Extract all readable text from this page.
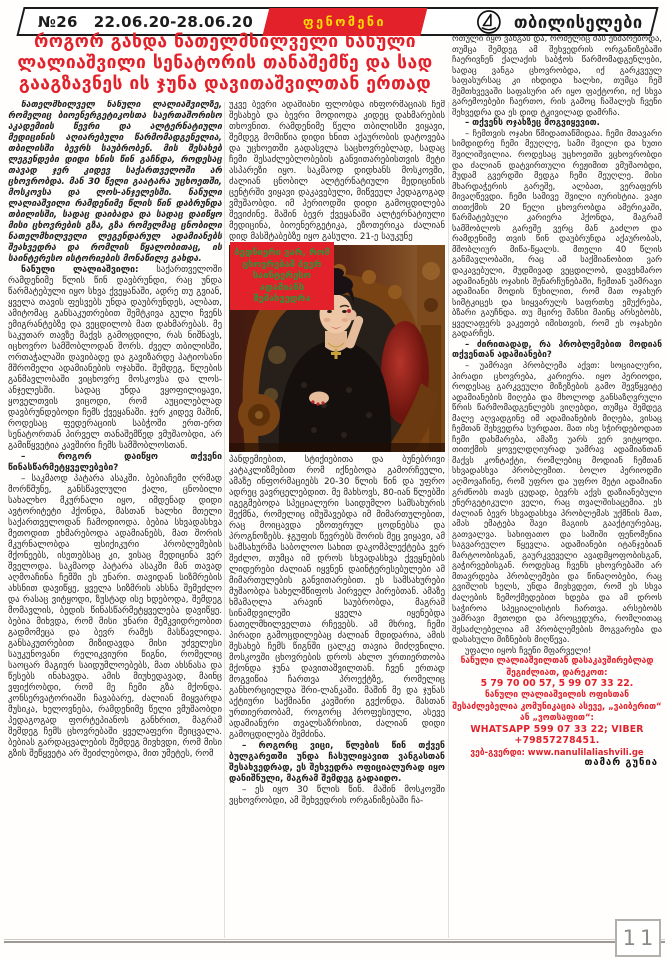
№26 22.06.20-28.06.20	ფენომენი	თბილისელები
როგორ გახდა ნათელმხილველი ნანული
ლალიაშვილი სენატორის თანაშემწე და სად
გააგზავნეს ის ჯუნა დავითაშვილთან ერთად

ნათელმხილველ ნანული ლალიაშვილზე, რომელიც ბიოენერგეტიკოსთა საერთაშორისო აკადემიის წევრი და ალტერნატიული მედიცინის აღიარებული წარმომადგენელია, თბილისში ბევრს საუბრობენ. მის შესახებ ლეგენდები დიდი ხნის წინ გაჩნდა, როდესაც თავად ჯერ კიდევ საქართველოში არ ცხოვრობდა. მან 30 წელი გაატარა უცხოეთში, მოსკოვსა და ლოს-ანჯელესში. ნანული ლალიაშვილი რამდენიმე წლის წინ დაბრუნდა თბილისში, სადაც დაიბადა და სადაც დაიწყო მისი ცხოვრების გზა, გზა რომელმაც ცნობილი ნათელმხილველი ლეგენდარულ ადამიანებს შეახვედრა და რომლის წყალობითაც, ის საინტერესო ისტორიების მონაწილე გახდა.

ნანული ლალიაშვილი: საქართველოში რამდენიმე წლის წინ დავბრუნდი, რაც უნდა წარმატებული იყო სხვა ქვეყანაში, ადრე თუ გვიან, ყველა თავის ფესვებს უნდა დაუბრუნდეს, ალბათ, ამიტომაც განსაკუთრებით შემტკივა გული ჩვენს ემიგრანტებზე და ვეცდილობ მათ დახმარებას. მე საკუთარ თავზე მაქვს გამოცდილი, რას ნიშნავს, იცხოვრო სამშობლოდან შორს. ძველ თბილისში, ორთაჭალაში დავიბადე და გავიზარდე პატიოსანი მშრომელი ადამიანების ოჯახში. შემდეგ, წლების განმავლობაში ვიცხოვრე მოსკოვსა და ლოს-ანჯელესში. სადაც უნდა ვყოფილიყავი, ყოველთვის ვიცოდი, რომ აუცილებლად დავბრუნდებოდი ჩემს ქვეყანაში. ჯერ კიდევ მაშინ, როდესაც ფედერაციის საბჭოში ერთ-ერთ სენატორთან პირველ თანაშემწედ ვმუშაობდი, არ გამიწყვეტია კავშირი ჩემს სამშობლოსთან.

– როგორ დაიწყო თქვენი წინასწარმეტყველებები?

– საკმაოდ პატარა ასაკში. ბებიაჩემი ღრმად მორწმუნე, განსწავლული ქალი, ცნობილი სახალხო მკურნალი იყო, იმდენად დიდი ავტორიტეტი ჰქონდა, მასთან ხალხი მთელი საქართველოდან ჩამოდიოდა. ბებია სხვადასხვა მეთოდით ეხმარებოდა ადამიანებს, მათ შორის მკურნალობდა ფსიქიკური პრობლემების მქონეებს, ისეთებსაც კი, ვისაც მედიცინა ვერ შველოდა. საკმაოდ პატარა ასაკში მან თავად აღმოაჩინა ჩემში ეს უნარი. თავიდან სიზმრების ახსნით დავიწყე, ყველა სიზმრის ახსნა შემეძლო და რასაც ვიტყოდი, ზუსტად ისე ხდებოდა, შემდეგ მომავლის, ბედის წინასწარმეტყველება დავიწყე. ბებია მიხვდა, რომ მისი უნარი მემკვიდრეობით გადმომეცა და ბევრ რამეს მასწავლიდა. განსაკუთრებით მიზიდავდა მისი უძველესი საუკუნოვანი რელიკვიური წიგნი, რომელიც საოცარ მაგიურ საიდუმლოებებს, მათ ახსნასა და წესებს ინახავდა. ამის მიუხედავად, მაინც ვფიქრობდი, რომ მე ჩემი გზა მქონდა. კონსერვატორიაში ჩავაბარე, ძალიან მიყვარდა მუსიკა, ხელოვნება, რამდენიმე წელი ვმუშაობდი პედაგოგად ფორტეპიანოს განხრით, მაგრამ შემდეგ ჩემს ცხოვრებაში ყველაფერი შეიცვალა. ბებიას გარდაცვალების შემდეგ მივხვდი, რომ მისი გზის შეწყვეტა არ შეიძლებოდა, მით უმეტეს, რომ

უკვე ბევრი ადამიანი ფლობდა ინფორმაციას ჩემ შესახებ და ბევრი მოდიოდა კიდეც დახმარების თხოვნით. რამდენიმე წელი თბილისში ვიყავი, შემდეგ მომიწია დიდი ხნით აქაურობის დატოვება და უცხოეთში გადასვლა საცხოვრებლად, სადაც ჩემი შესაძლებლობების განვითარებისთვის მეტი ასპარეზი იყო. საკმაოდ დიდხანს მოსკოვში, ძალიან ცნობილ ალტერნატიული მედიცინის ცენტრში ვიყავი დაკავებული, მიწვეულ პედაგოგად ვმუშაობდი. იმ პერიოდში დიდი გამოცდილება შევიძინე. მაშინ ბევრ ქვეყანაში ალტერნატიული მედიცინა, ბიოენერგეტიკა, ეზოთერიკა ძალიან დიდ მასშტაბებზე იყო გასული. 21-ე საუკუნე

ბედნიერი ვარ, რომ ცხოვრებამ ბევრ საინტერესო ადამიანს შემახვედრა

პანდემიებით, სტიქიებითა და ბუნებრივი კატაკლიზმებით რომ იქნებოდა გამორჩეული, ამაზე ინფორმაციებს 20-30 წლის წინ და უფრო ადრეც ვავრცელებდით. მე მახსოვს, 80-იან წლებში იგეგმებოდა სპეციალური საიდუმლო სამსახურის შექმნა, რომელიც იმუშავებდა იმ მიმართულებით, რაც მოიცავდა ეზოთერულ ცოდნებსა და პროგნოზებს. ჯგუფის წევრებს შორის მეც ვიყავი, ამ სამსახურმა საბოლოო სახით დაკომპლექტება ვერ შეძლო, თუმცა იმ დროს სხვადასხვა ქვეყნების ლიდერები ძალიან იყვნენ დაინტერესებულები ამ მიმართულების განვითარებით. ეს სამსახურები მუშაობდა სახელმწიფოს პირველ პირებთან. ამაზე ხმამაღლა არავინ საუბრობდა, მაგრამ სინამდვილეში ყველა იყენებდა ნათელმხილველთა რჩევებს. ამ მხრივ, ჩემი პირადი გამოცდილებაც ძალიან მდიდარია, ამის შესახებ ჩემს წიგნში ცალკე თავია მიძღვნილი. მოსკოვში ცხოვრების დროს ახლო ურთიერთობა მქონდა ჯუნა დავითაშვილთან. ჩვენ ერთად მოგვიწია ჩართვა პროექტზე, რომელიც განხორციელდა შრი-ლანკაში. მაშინ მე და ჯუნას აქტიური საქმიანი კავშირი გვქონდა. მასთან ურთიერთობამ, როგორც პროფესიული, ასევე ადამიანური თვალსაზრისით, ძალიან დიდი გამოცდილება შემძინა.

– როგორც ვიცი, წლების წინ თქვენ ბულგარეთში უნდა ჩასულიყავით ვანგასთან შესახვედრად, ეს შეხვედრა ოფიციალურად იყო დანიშნული, მაგრამ შემდეგ გადაიდო.

– ეს იყო 30 წლის წინ. მაშინ მოსკოვში ვცხოვრობდი, ამ შეხვედრის ორგანიზებაში ჩა-

რთული იყო ვანგას და, რომელიც მას ეხმარებოდა, თუმცა შემდეგ ამ შეხვედრის ორგანიზებაში ჩაერივნენ ქალაქის საბჭოს წარმომადგენლები, სადაც ვანგა ცხოვრობდა, იქ გარკვეულ საფასურსაც კი იხდიდა ხალხი, თუმცა ჩემ შემთხვევაში საფასური არ იყო ფაქტორი, იქ სხვა გარემოებები ჩაერთო, რის გამოც ჩაშალეს ჩვენი შეხვედრა და ეს დიდ ტკივილად დამრჩა.

– თქვენს ოჯახზეც მოგვიყევით.

– ჩემთვის ოჯახი წმიდათაწმიდაა. ჩემი მთავარი სიმდიდრე ჩემი მეუღლე, სამი შვილი და ხუთი შვილიშვილია. როდესაც უცხოეთში ვცხოვრობდი და ძალიან დატვირთული რეჟიმით ვმუშაობდი, მუდამ გვერდში მედგა ჩემი მეუღლე. მისი მხარდაჭერის გარეშე, ალბათ, ვერაფერს მივაღწევდი. ჩემი სამივე შვილი იურისტია. ვაჟი თითქმის 20 წელი ცხოვრობდა ამერიკაში, წარმატებული კარიერა ჰქონდა, მაგრამ სამშობლოს გარეშე ვერც მან გაძლო და რამდენიმე თვის წინ დაუბრუნდა აქაურობას, მშობლიურ მიწა-წყალს. მთელი 40 წლის განმავლობაში, რაც ამ საქმიანობით ვარ დაკავებული, მუდმივად ვეცდილობ, დავეხმარო ადამიანებს ოჯახის შენარჩუნებაში, ჩემთან უამრავი ადამიანი მოდის წუხილით, რომ მათ ოჯახურ სიმტკიცეს და სიყვარულს საფრთხე ემუქრება, ბზარი გაუჩნდა. თუ მცირე შანსი მაინც არსებობს, ყველაფერს ვაკეთებ იმისთვის, რომ ეს ოჯახები გადარჩეს.

– ძირითადად, რა პრობლემებით მოდიან თქვენთან ადამიანები?

– უამრავი პრობლემა აქვთ: სოციალური, პირადი ცხოვრება, კარიერა. იყო პერიოდი, როდესაც გარკვეული მიზეზების გამო შევწყვიტე ადამიანების მიღება და მხოლოდ განსაზღვრული წრის წარმომადგენლებს ვიღებდი, თუმცა შემდეგ მალე აღვადგინე იმ ადამიანების მიღება, ვისაც ჩემთან შეხვედრა სურდათ. მათ ისე სჭირდებოდათ ჩემი დახმარება, ამაზე უარს ვერ ვიტყოდი. თითქმის ყოველდღიურად უამრავ ადამიანთან მაქვს კონტაქტი, რომლებიც მოდიან ჩემთან სხვადასხვა პრობლემით. ბოლო პერიოდში აღმოვაჩინე, რომ უფრო და უფრო მეტი ადამიანი გრძნობს თავს ცუდად, ბევრს აქვს დაზიანებული ენერგეტიკული ველი, რაც თვალშისაცემია. ეს ძალიან ბევრ სხვადასხვა პრობლემას უქმნის მათ, ამას ემატება შავი მაგიის გააქტიურებაც, გათვალვა. სახიფათო და საშიში ფენომენია საგვარეულო წყევლა. ადამიანები იტანჯებიან მარტოობისგან, გაურკვეველი ავადმყოფობისგან, გაჭირვებისგან. როდესაც ჩვენს ცხოვრებაში არ მთავრდება პრობლემები და წინაღობები, რაც გვიშლის ხელს, უნდა მივხვდეთ, რომ ეს სხვა ძალების ზემოქმედებით ხდება და ამ დროს საჭიროა სპეციალისტის ჩართვა. არსებობს უამრავი მეთოდი და პროცედურა, რომლითაც შესაძლებელია ამ პრობლემების მოგვარება და დასახული მიზნების მიღწევა.

უფალი იყოს ჩვენი მფარველი!

ნანული ლალიაშვილთან დასაკავშირებლად შეგიძლიათ, დარეკოთ:

5 79 70 00 57, 5 99 07 33 22.

ნანული ლალიაშვილის ოფისთან შესაძლებელია კომუნიკაცია ასევე, „ვაიბერით“ ან „ვოთსაფით“:

WHATSAPP 599 07 33 22; VIBER +79857278451.

ვებ-გვერდი: www.nanulilaliashvili.ge

თამარ გუნია

11
